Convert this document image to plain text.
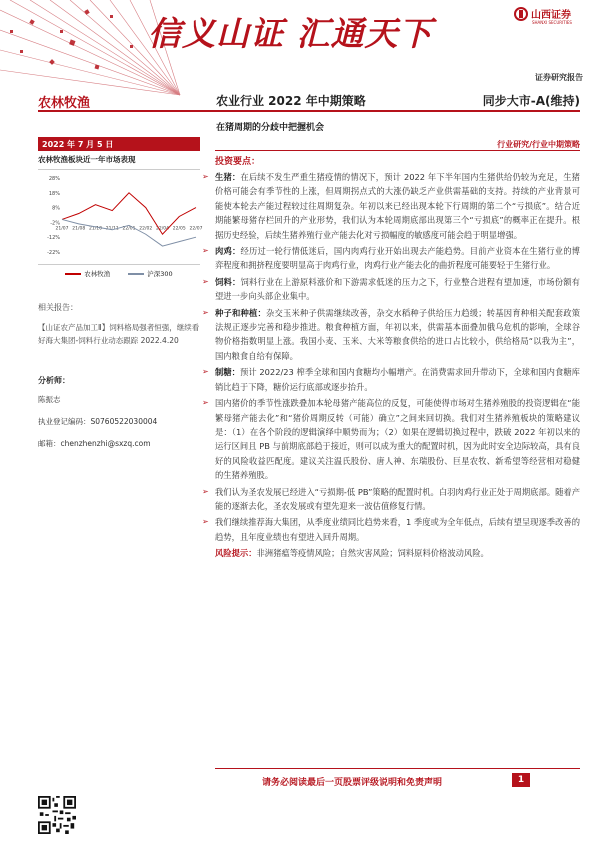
信义山证 汇通天下	山西证券
SHANXI SECURITIES
证券研究报告
农林牧渔	农业行业 2022 年中期策略	同步大市-A(维持)
在猪周期的分歧中把握机会
2022 年 7 月 5 日	行业研究/行业中期策略
农林牧渔板块近一年市场表现
28%
18%
8%
-2%
-12%
-22%
21/07 21/08 21/10 21/11 22/01 22/02 22/04 22/05 22/07
农林牧渔	沪深300
相关报告：
【山证农产品加工Ⅱ】饲料格局强者恒强，继续看好海大集团-饲料行业动态跟踪 2022.4.20
分析师：
陈振志
执业登记编码：S0760522030004
邮箱：chenzhenzhi@sxzq.com
投资要点：
➢ 生猪：在后续不发生严重生猪疫情的情况下，预计 2022 年下半年国内生猪供给仍较为充足，生猪价格可能会有季节性的上涨，但周期拐点式的大涨仍缺乏产业供需基础的支持。持续的产业背景可能使本轮去产能过程较过往周期复杂。年初以来已经出现本轮下行周期的第二个“亏损底”。结合近期能繁母猪存栏回升的产业形势，我们认为本轮周期底部出现第三个“亏损底”的概率正在提升。根据历史经验，后续生猪养殖行业产能去化对亏损幅度的敏感度可能会趋于明显增强。
➢ 肉鸡：经历过一轮行情低迷后，国内肉鸡行业开始出现去产能趋势。目前产业资本在生猪行业的博弈程度和拥挤程度要明显高于肉鸡行业，肉鸡行业产能去化的曲折程度可能要轻于生猪行业。
➢ 饲料：饲料行业在上游原料涨价和下游需求低迷的压力之下，行业整合进程有望加速，市场份额有望进一步向头部企业集中。
➢ 种子和种植：杂交玉米种子供需继续改善，杂交水稻种子供给压力趋缓；转基因育种相关配套政策法规正逐步完善和稳步推进。粮食种植方面，年初以来，供需基本面叠加俄乌危机的影响，全球谷物价格指数明显上涨。我国小麦、玉米、大米等粮食供给的进口占比较小，供给格局“以我为主”，国内粮食自给有保障。
➢ 制糖：预计 2022/23 榨季全球和国内食糖均小幅增产。在消费需求回升带动下，全球和国内食糖库销比趋于下降，糖价运行底部或逐步抬升。
➢ 国内猪价的季节性涨跌叠加本轮母猪产能高位的反复，可能使得市场对生猪养殖股的投资逻辑在“能繁母猪产能去化”和“猪价周期反转（可能）确立”之间来回切换。我们对生猪养殖板块的策略建议是：（1）在各个阶段的逻辑演绎中顺势而为；（2）如果在逻辑切换过程中，跌破 2022 年初以来的运行区间且 PB 与前期底部趋于接近，则可以成为重大的配置时机，因为此时安全边际较高，具有良好的风险收益匹配度。建议关注温氏股份、唐人神、东瑞股份、巨星农牧、新希望等经营相对稳健的生猪养殖股。
➢ 我们认为圣农发展已经进入“亏损期-低 PB”策略的配置时机。白羽肉鸡行业正处于周期底部。随着产能的逐渐去化，圣农发展或有望先迎来一波估值修复行情。
➢ 我们继续推荐海大集团，从季度业绩同比趋势来看，1 季度或为全年低点，后续有望呈现逐季改善的趋势，且年度业绩也有望进入回升周期。
风险提示：非洲猪瘟等疫情风险；自然灾害风险；饲料原料价格波动风险。
请务必阅读最后一页股票评级说明和免责声明	1
